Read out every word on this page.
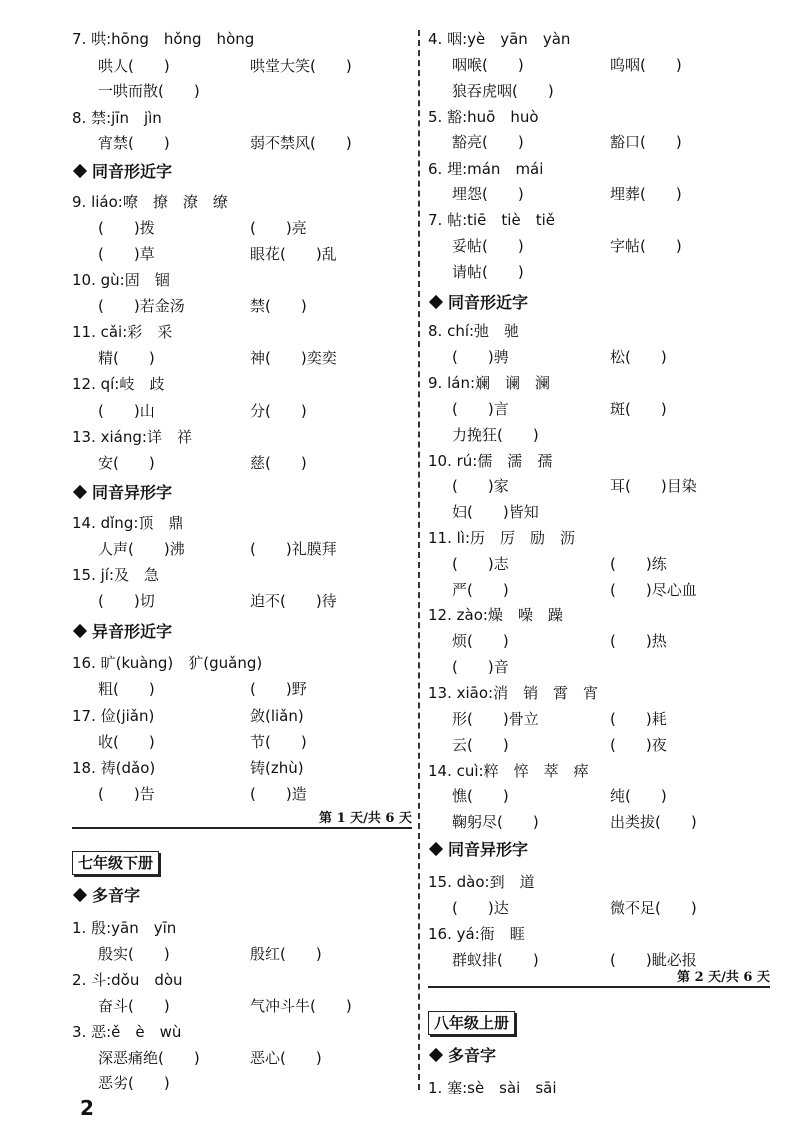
7. 哄:hōng　hǒng　hòng
哄人(　　)	哄堂大笑(　　)
一哄而散(　　)
8. 禁:jīn　jìn
宵禁(　　)	弱不禁风(　　)
9. liáo:嘹　撩　潦　缭
(　　)拨	(　　)亮
(　　)草	眼花(　　)乱
10. gù:固　锢
(　　)若金汤	禁(　　)
11. cǎi:彩　采
精(　　)	神(　　)奕奕
12. qí:岐　歧
(　　)山	分(　　)
13. xiáng:详　祥
安(　　)	慈(　　)
14. dǐng:顶　鼎
人声(　　)沸	(　　)礼膜拜
15. jí:及　急
(　　)切	迫不(　　)待
16. 旷(kuàng)　犷(guǎng)
粗(　　)	(　　)野
17. 俭(jiǎn)	敛(liǎn)
收(　　)	节(　　)
18. 祷(dǎo)	铸(zhù)
(　　)告	(　　)造
1. 殷:yān　yīn
殷实(　　)	殷红(　　)
2. 斗:dǒu　dòu
奋斗(　　)	气冲斗牛(　　)
3. 恶:ě　è　wù
深恶痛绝(　　)	恶心(　　)
恶劣(　　)
同音形近字
同音异形字
异音形近字
多音字
第 1 天/共 6 天
七年级下册
4. 咽:yè　yān　yàn
咽喉(　　)	呜咽(　　)
狼吞虎咽(　　)
5. 豁:huō　huò
豁亮(　　)	豁口(　　)
6. 埋:mán　mái
埋怨(　　)	埋葬(　　)
7. 帖:tiē　tiè　tiě
妥帖(　　)	字帖(　　)
请帖(　　)
8. chí:弛　驰
(　　)骋	松(　　)
9. lán:斓　谰　澜
(　　)言	斑(　　)
力挽狂(　　)
10. rú:儒　濡　孺
(　　)家	耳(　　)目染
妇(　　)皆知
11. lì:历　厉　励　沥
(　　)志	(　　)练
严(　　)	(　　)尽心血
12. zào:燥　噪　躁
烦(　　)	(　　)热
(　　)音
13. xiāo:消　销　霄　宵
形(　　)骨立	(　　)耗
云(　　)	(　　)夜
14. cuì:粹　悴　萃　瘁
憔(　　)	纯(　　)
鞠躬尽(　　)	出类拔(　　)
15. dào:到　道
(　　)达	微不足(　　)
16. yá:衙　睚
群蚁排(　　)	(　　)眦必报
1. 塞:sè　sài　sāi
同音形近字
同音异形字
多音字
第 2 天/共 6 天
八年级上册
2
